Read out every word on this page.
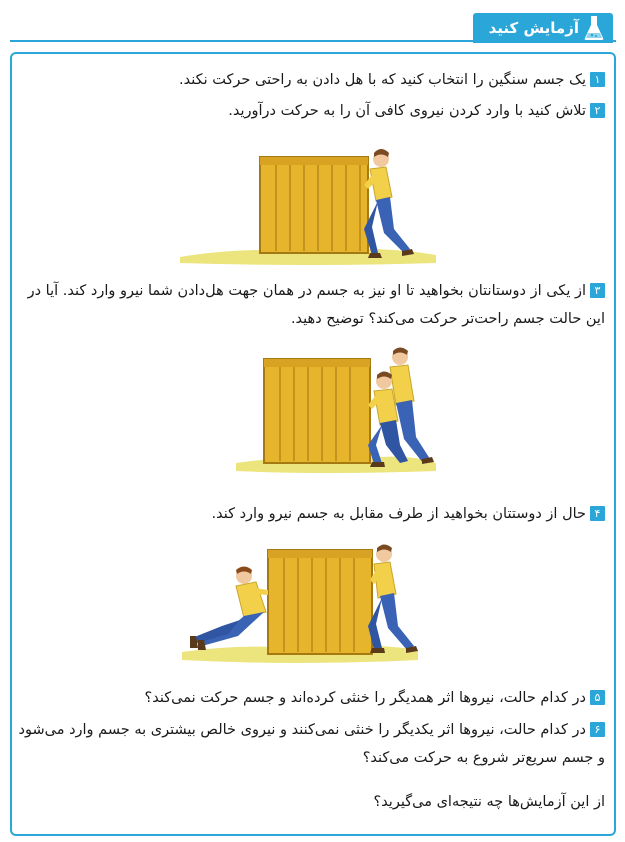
آزمایش کنید
۱یک جسم سنگین را انتخاب کنید که با هل دادن به راحتی حرکت نکند.
۲تلاش کنید با وارد کردن نیروی کافی آن را به حرکت درآورید.
۳از یکی از دوستانتان بخواهید تا او نیز به جسم در همان جهت هل‌دادن شما نیرو وارد کند. آیا در این حالت جسم راحت‌تر حرکت می‌کند؟ توضیح دهید.
۴حال از دوستتان بخواهید از طرف مقابل به جسم نیرو وارد کند.
۵در کدام حالت، نیروها اثر همدیگر را خنثی کرده‌اند و جسم حرکت نمی‌کند؟
۶در کدام حالت، نیروها اثر یکدیگر را خنثی نمی‌کنند و نیروی خالص بیشتری به جسم وارد می‌شود و جسم سریع‌تر شروع به حرکت می‌کند؟
از این آزمایش‌ها چه نتیجه‌ای می‌گیرید؟
